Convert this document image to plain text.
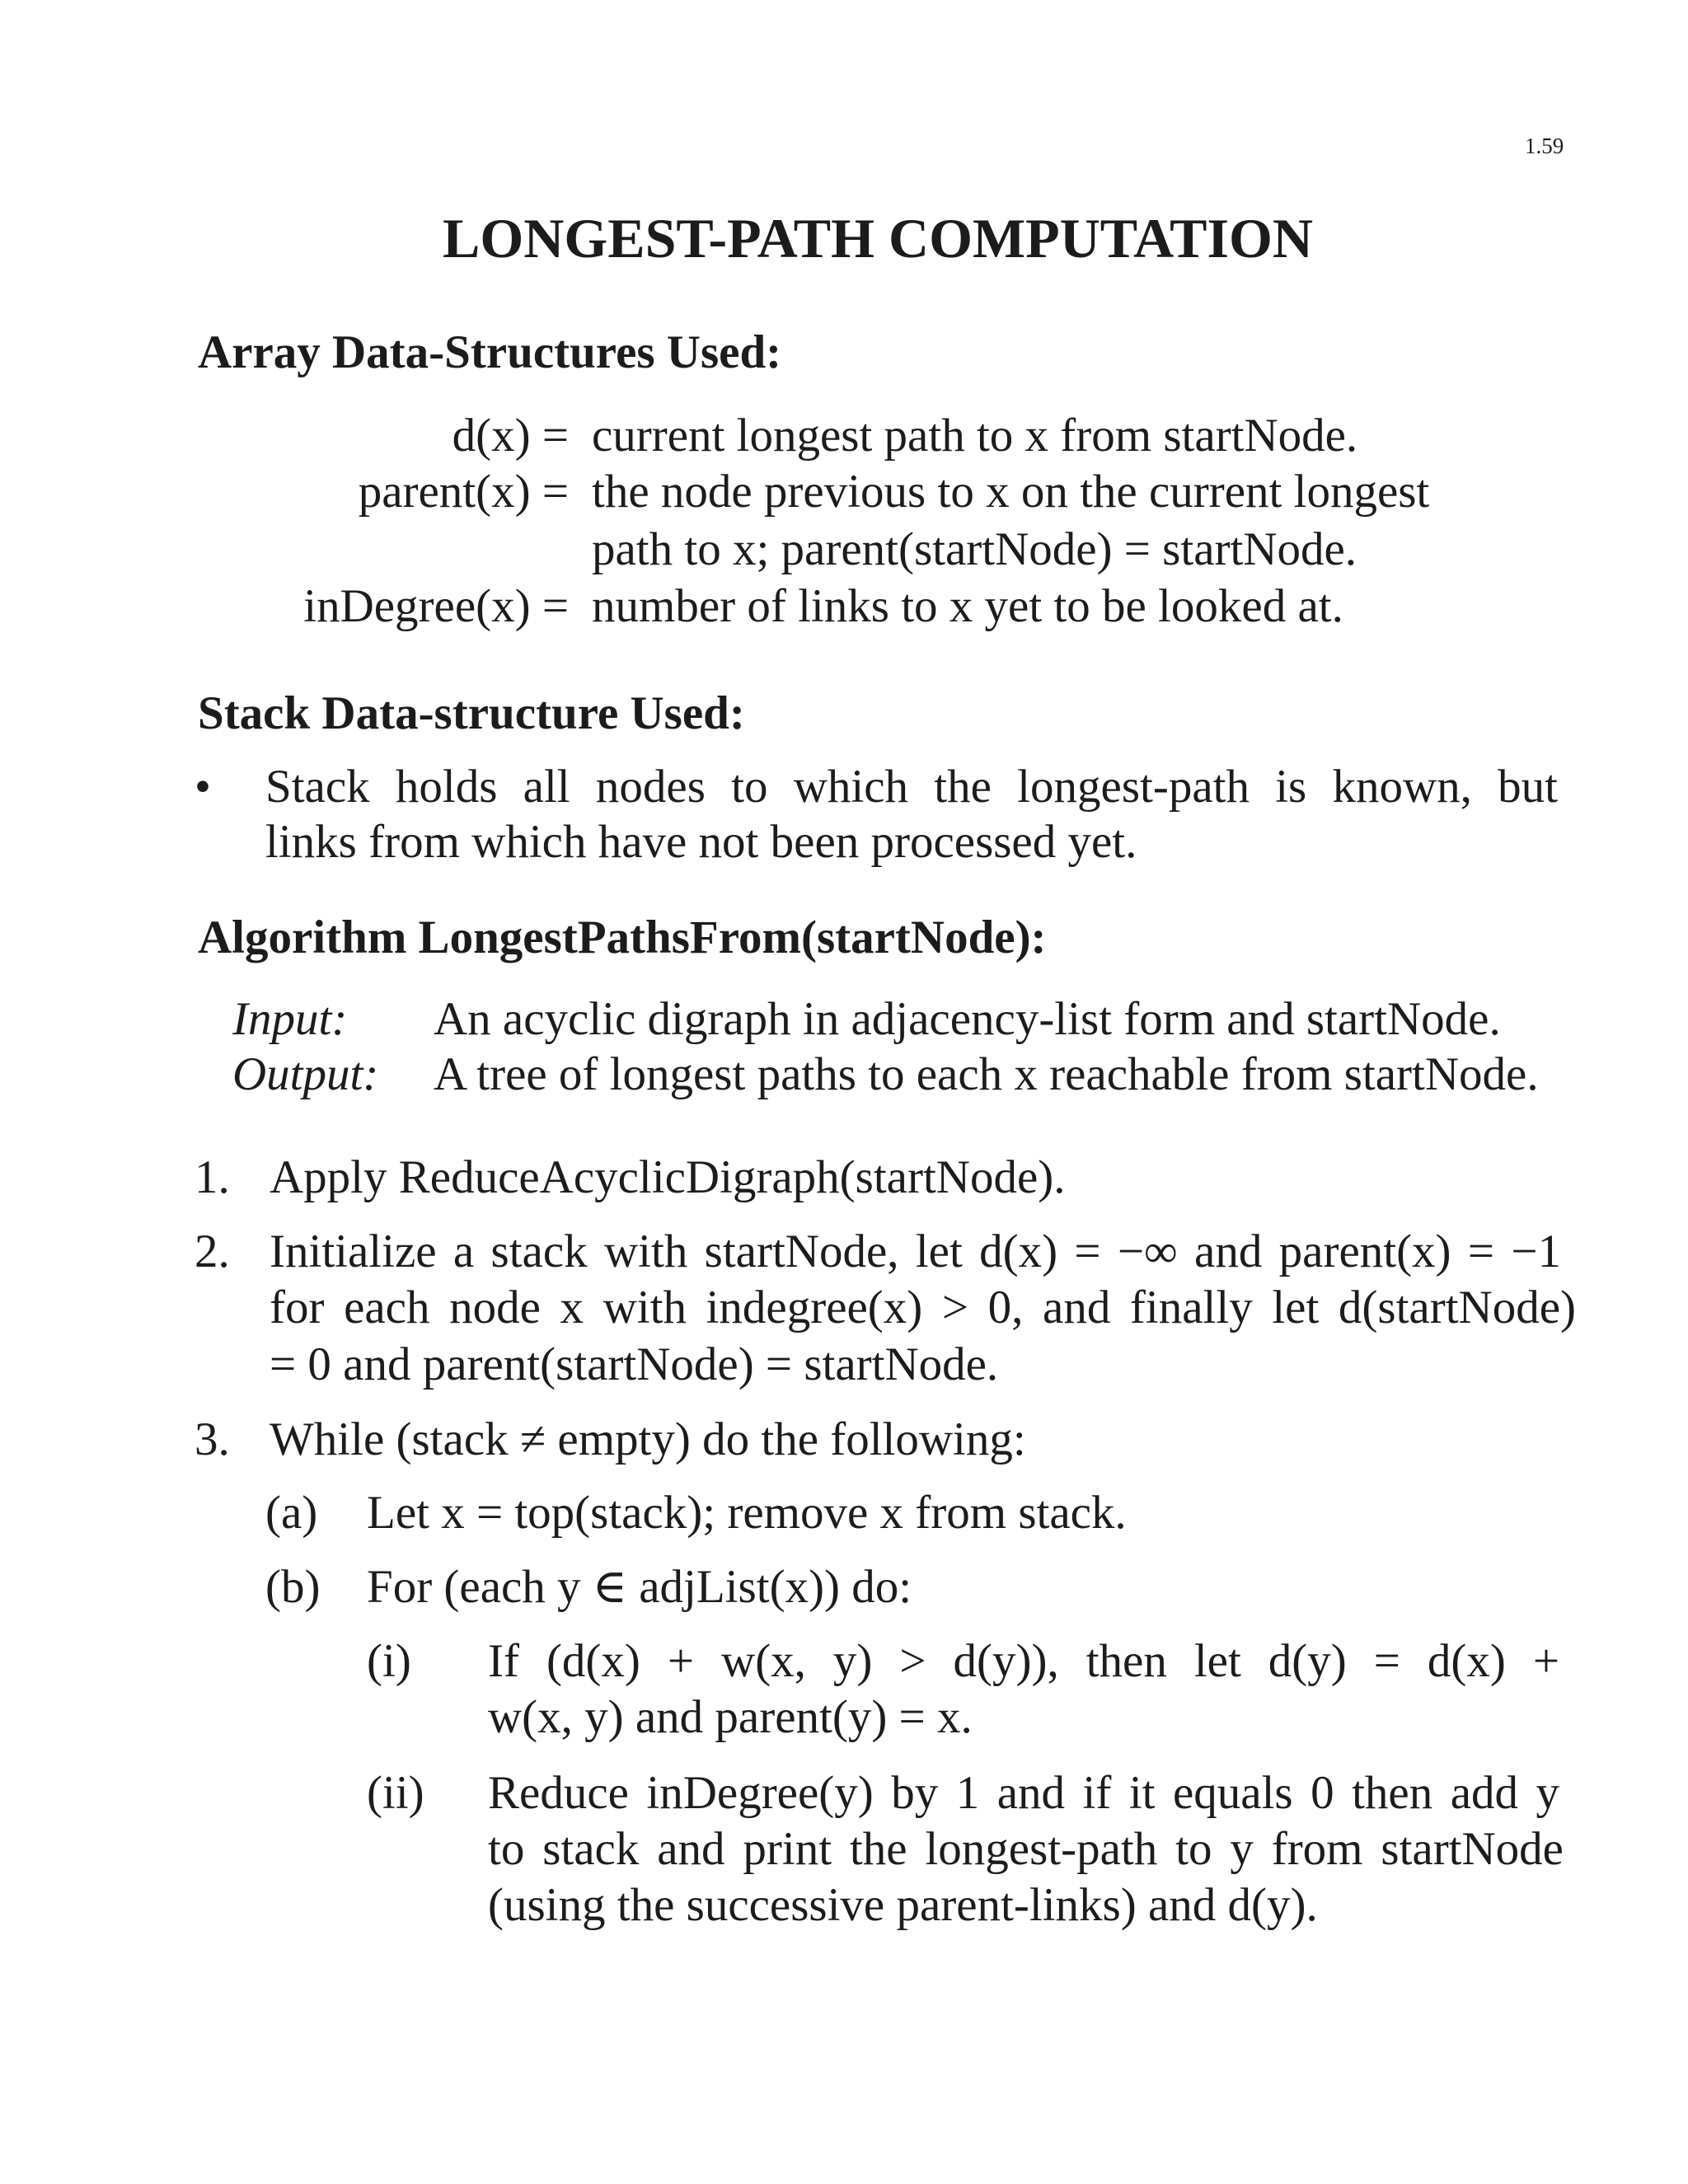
1.59
LONGEST-PATH COMPUTATION
Array Data-Structures Used:
d(x) = current longest path to x from startNode.
parent(x) = the node previous to x on the current longest
path to x; parent(startNode) = startNode.
inDegree(x) = number of links to x yet to be looked at.
Stack Data-structure Used:
• Stack holds all nodes to which the longest-path is known, but
links from which have not been processed yet.
Algorithm LongestPathsFrom(startNode):
Input: An acyclic digraph in adjacency-list form and startNode.
Output: A tree of longest paths to each x reachable from startNode.
1. Apply ReduceAcyclicDigraph(startNode).
2. Initialize a stack with startNode, let d(x) = −∞ and parent(x) = −1
for each node x with indegree(x) > 0, and finally let d(startNode)
= 0 and parent(startNode) = startNode.
3. While (stack ≠ empty) do the following:
(a) Let x = top(stack); remove x from stack.
(b) For (each y ∈ adjList(x)) do:
(i) If (d(x) + w(x, y) > d(y)), then let d(y) = d(x) +
w(x, y) and parent(y) = x.
(ii) Reduce inDegree(y) by 1 and if it equals 0 then add y
to stack and print the longest-path to y from startNode
(using the successive parent-links) and d(y).
